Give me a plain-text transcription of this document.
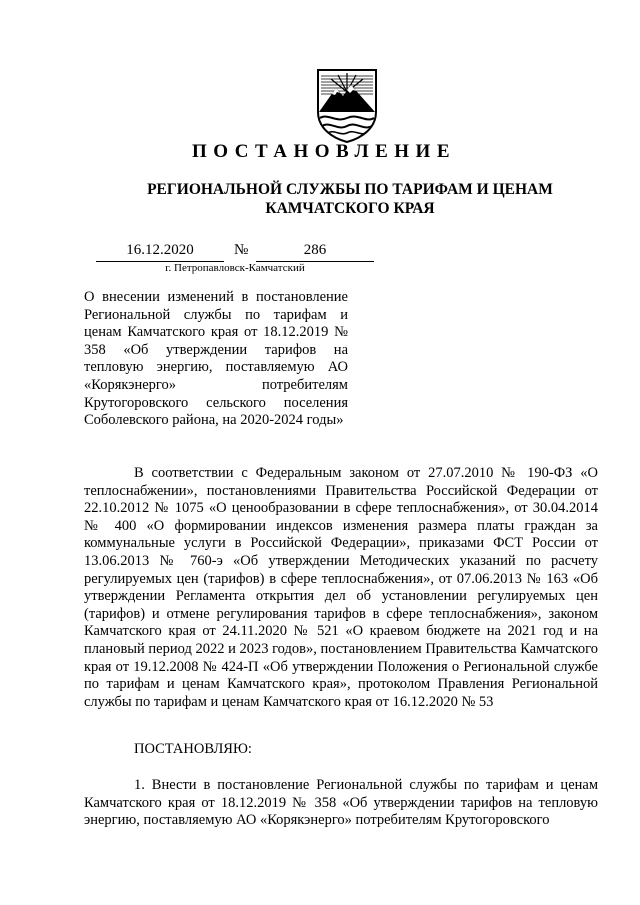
ПОСТАНОВЛЕНИЕ
РЕГИОНАЛЬНОЙ СЛУЖБЫ ПО ТАРИФАМ И ЦЕНАМ
КАМЧАТСКОГО КРАЯ
16.12.2020	№	286
г. Петропавловск-Камчатский
О внесении изменений в постановление Региональной службы по тарифам и ценам Камчатского края от 18.12.2019 № 358 «Об утверждении тарифов на тепловую энергию, поставляемую АО «Корякэнерго» потребителям Крутогоровского сельского поселения Соболевского района, на 2020-2024 годы»
В соответствии с Федеральным законом от 27.07.2010 № 190-ФЗ «О теплоснабжении», постановлениями Правительства Российской Федерации от 22.10.2012 № 1075 «О ценообразовании в сфере теплоснабжения», от 30.04.2014 № 400 «О формировании индексов изменения размера платы граждан за коммунальные услуги в Российской Федерации», приказами ФСТ России от 13.06.2013 № 760-э «Об утверждении Методических указаний по расчету регулируемых цен (тарифов) в сфере теплоснабжения», от 07.06.2013 № 163 «Об утверждении Регламента открытия дел об установлении регулируемых цен (тарифов) и отмене регулирования тарифов в сфере теплоснабжения», законом Камчатского края от 24.11.2020 № 521 «О краевом бюджете на 2021 год и на плановый период 2022 и 2023 годов», постановлением Правительства Камчатского края от 19.12.2008 № 424-П «Об утверждении Положения о Региональной службе по тарифам и ценам Камчатского края», протоколом Правления Региональной службы по тарифам и ценам Камчатского края от 16.12.2020 № 53
ПОСТАНОВЛЯЮ:
1. Внести в постановление Региональной службы по тарифам и ценам Камчатского края от 18.12.2019 № 358 «Об утверждении тарифов на тепловую энергию, поставляемую АО «Корякэнерго» потребителям Крутогоровского
